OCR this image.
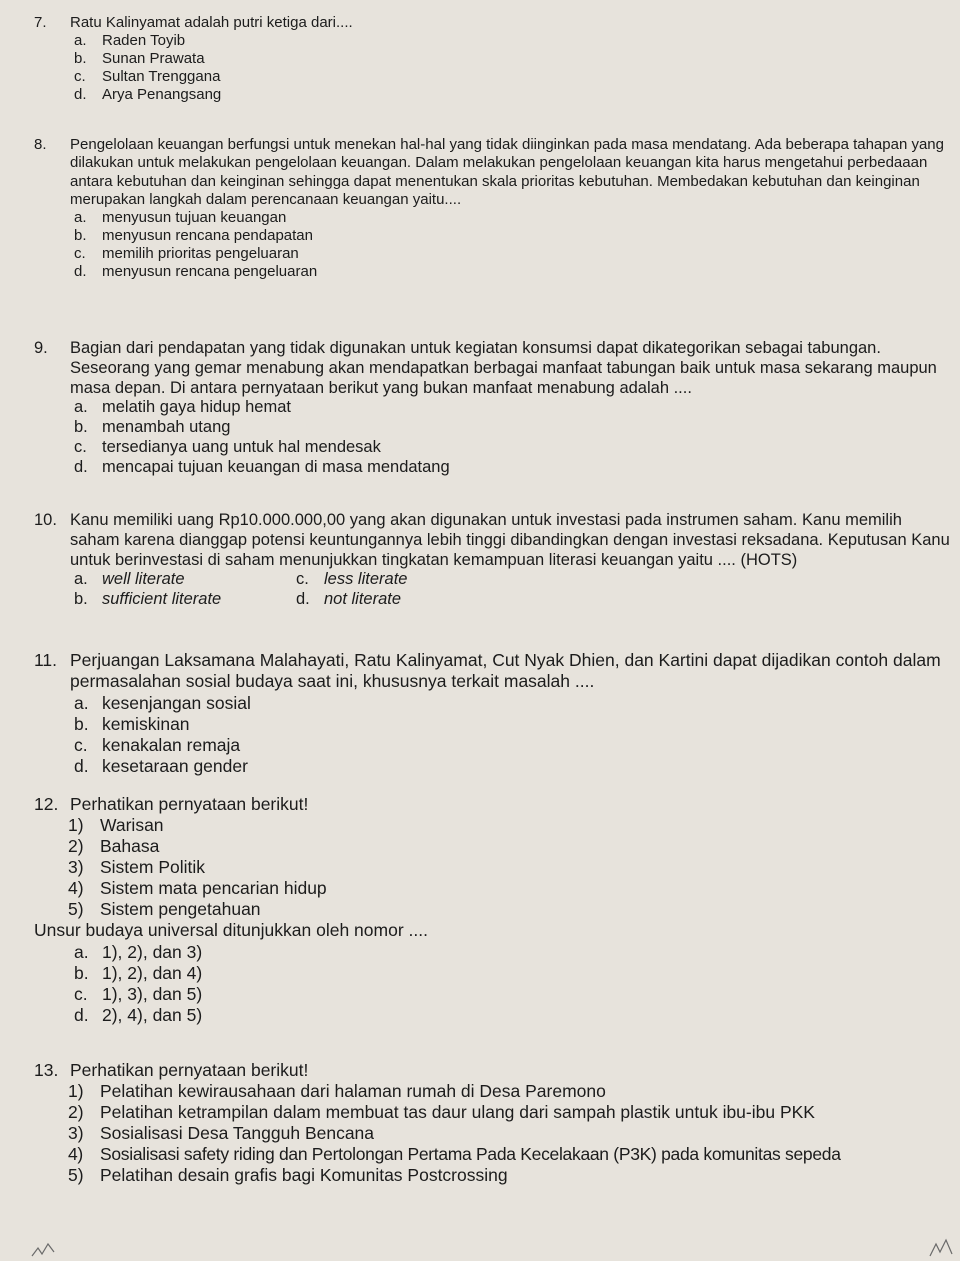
7. Ratu Kalinyamat adalah putri ketiga dari....
a. Raden Toyib
b. Sunan Prawata
c. Sultan Trenggana
d. Arya Penangsang
8. Pengelolaan keuangan berfungsi untuk menekan hal-hal yang tidak diinginkan pada masa mendatang. Ada beberapa tahapan yang dilakukan untuk melakukan pengelolaan keuangan. Dalam melakukan pengelolaan keuangan kita harus mengetahui perbedaaan antara kebutuhan dan keinginan sehingga dapat menentukan skala prioritas kebutuhan. Membedakan kebutuhan dan keinginan merupakan langkah dalam perencanaan keuangan yaitu....
a. menyusun tujuan keuangan
b. menyusun rencana pendapatan
c. memilih prioritas pengeluaran
d. menyusun rencana pengeluaran
9. Bagian dari pendapatan yang tidak digunakan untuk kegiatan konsumsi dapat dikategorikan sebagai tabungan. Seseorang yang gemar menabung akan mendapatkan berbagai manfaat tabungan baik untuk masa sekarang maupun masa depan. Di antara pernyataan berikut yang bukan manfaat menabung adalah ....
a. melatih gaya hidup hemat
b. menambah utang
c. tersedianya uang untuk hal mendesak
d. mencapai tujuan keuangan di masa mendatang
10. Kanu memiliki uang Rp10.000.000,00 yang akan digunakan untuk investasi pada instrumen saham. Kanu memilih saham karena dianggap potensi keuntungannya lebih tinggi dibandingkan dengan investasi reksadana. Keputusan Kanu untuk berinvestasi di saham menunjukkan tingkatan kemampuan literasi keuangan yaitu .... (HOTS)
a. well literate	c. less literate
b. sufficient literate	d. not literate
11. Perjuangan Laksamana Malahayati, Ratu Kalinyamat, Cut Nyak Dhien, dan Kartini dapat dijadikan contoh dalam permasalahan sosial budaya saat ini, khususnya terkait masalah ....
a. kesenjangan sosial
b. kemiskinan
c. kenakalan remaja
d. kesetaraan gender
12. Perhatikan pernyataan berikut!
1) Warisan
2) Bahasa
3) Sistem Politik
4) Sistem mata pencarian hidup
5) Sistem pengetahuan
Unsur budaya universal ditunjukkan oleh nomor ....
a. 1), 2), dan 3)
b. 1), 2), dan 4)
c. 1), 3), dan 5)
d. 2), 4), dan 5)
13. Perhatikan pernyataan berikut!
1) Pelatihan kewirausahaan dari halaman rumah di Desa Paremono
2) Pelatihan ketrampilan dalam membuat tas daur ulang dari sampah plastik untuk ibu-ibu PKK
3) Sosialisasi Desa Tangguh Bencana
4) Sosialisasi safety riding dan Pertolongan Pertama Pada Kecelakaan (P3K) pada komunitas sepeda
5) Pelatihan desain grafis bagi Komunitas Postcrossing
